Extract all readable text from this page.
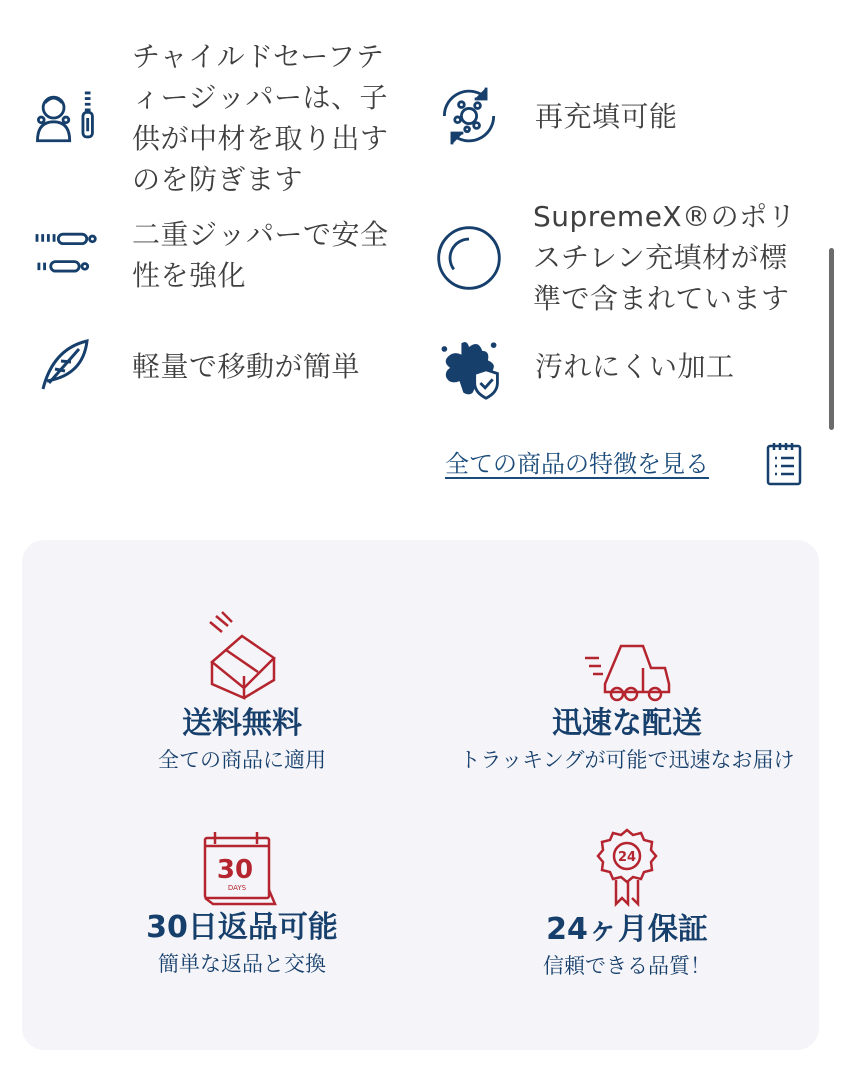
チャイルドセーフティージッパーは、子供が中材を取り出すのを防ぎます
再充填可能
二重ジッパーで安全性を強化
SupremeX®のポリスチレン充填材が標準で含まれています
軽量で移動が簡単	汚れにくい加工
全ての商品の特徴を見る
送料無料
全ての商品に適用
迅速な配送
トラッキングが可能で迅速なお届け
30
DAYS
30日返品可能
簡単な返品と交換
24
24ヶ月保証
信頼できる品質！
